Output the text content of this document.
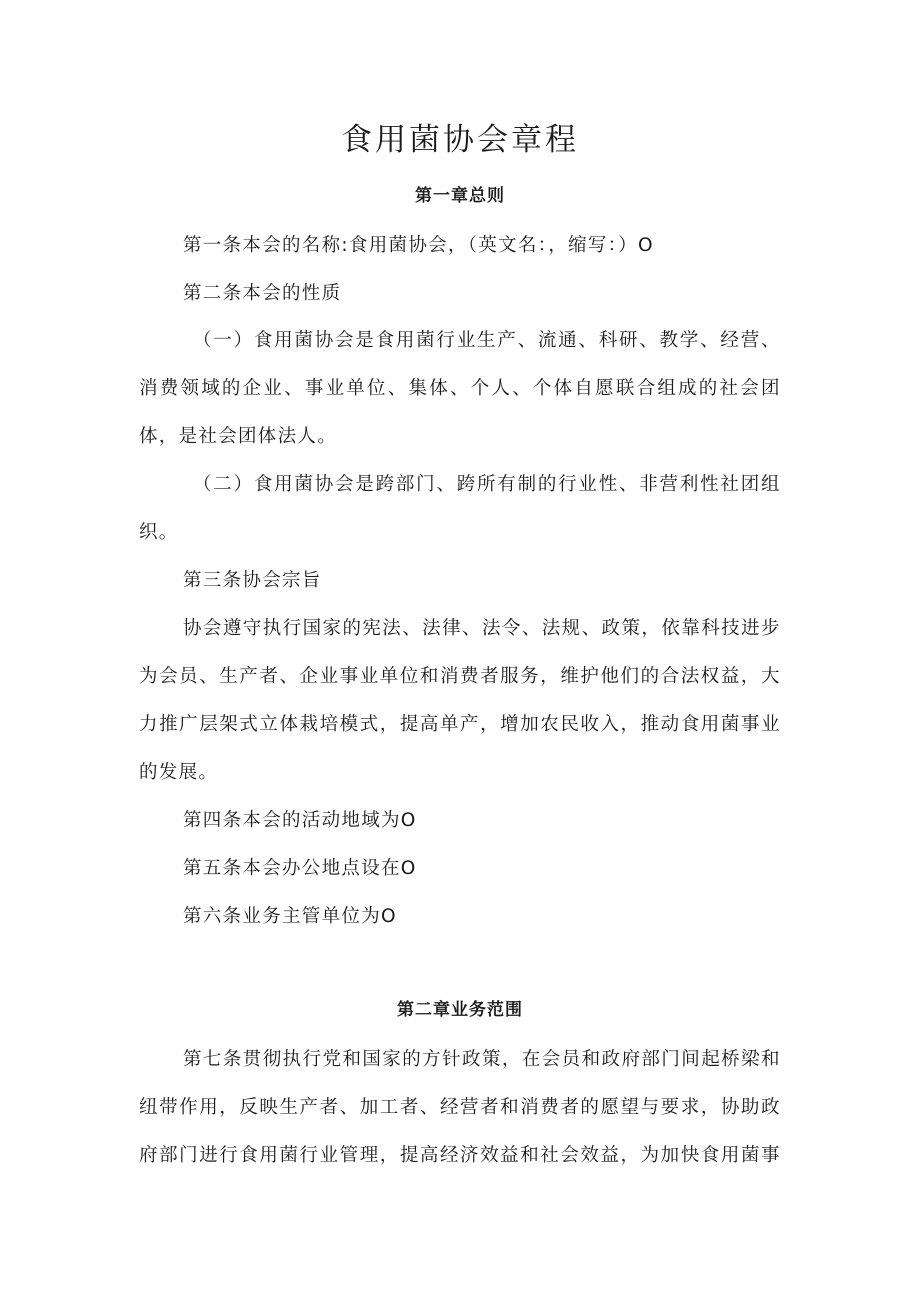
食用菌协会章程
第一章总则
第一条本会的名称:食用菌协会，（英文名：，缩写：）O
第二条本会的性质
（一）食用菌协会是食用菌行业生产、流通、科研、教学、经营、
消费领域的企业、事业单位、集体、个人、个体自愿联合组成的社会团
体，是社会团体法人。
（二）食用菌协会是跨部门、跨所有制的行业性、非营利性社团组
织。
第三条协会宗旨
协会遵守执行国家的宪法、法律、法令、法规、政策，依靠科技进步
为会员、生产者、企业事业单位和消费者服务，维护他们的合法权益，大
力推广层架式立体栽培模式，提高单产，增加农民收入，推动食用菌事业
的发展。
第四条本会的活动地域为O
第五条本会办公地点设在O
第六条业务主管单位为O
第二章业务范围
第七条贯彻执行党和国家的方针政策，在会员和政府部门间起桥梁和
纽带作用，反映生产者、加工者、经营者和消费者的愿望与要求，协助政
府部门进行食用菌行业管理，提高经济效益和社会效益，为加快食用菌事
